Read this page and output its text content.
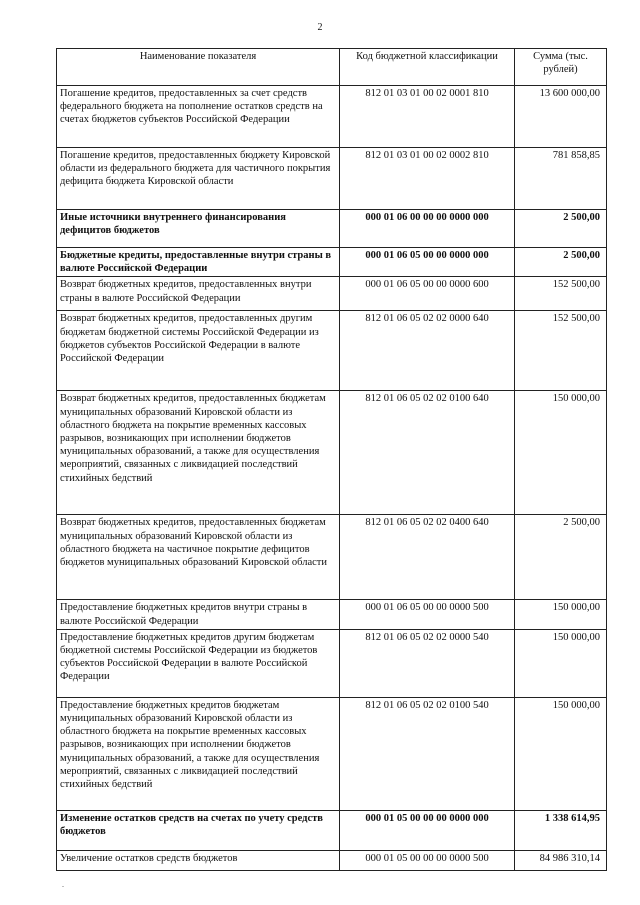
2
Наименование показателя	Код бюджетной классификации	Сумма (тыс. рублей)
Погашение кредитов, предоставленных за счет средств федерального бюджета на пополнение остатков средств на счетах бюджетов субъектов Российской Федерации	812 01 03 01 00 02 0001 810	13 600 000,00
Погашение кредитов, предоставленных бюджету Кировской области из федерального бюджета для частичного покрытия дефицита бюджета Кировской области	812 01 03 01 00 02 0002 810	781 858,85
Иные источники внутреннего финансирования дефицитов бюджетов	000 01 06 00 00 00 0000 000	2 500,00
Бюджетные кредиты, предоставленные внутри страны в валюте Российской Федерации	000 01 06 05 00 00 0000 000	2 500,00
Возврат бюджетных кредитов, предоставленных внутри страны в валюте Российской Федерации	000 01 06 05 00 00 0000 600	152 500,00
Возврат бюджетных кредитов, предоставленных другим бюджетам бюджетной системы Российской Федерации из бюджетов субъектов Российской Федерации в валюте Российской Федерации	812 01 06 05 02 02 0000 640	152 500,00
Возврат бюджетных кредитов, предоставленных бюджетам муниципальных образований Кировской области из областного бюджета на покрытие временных кассовых разрывов, возникающих при исполнении бюджетов муниципальных образований, а также для осуществления мероприятий, связанных с ликвидацией последствий стихийных бедствий	812 01 06 05 02 02 0100 640	150 000,00
Возврат бюджетных кредитов, предоставленных бюджетам муниципальных образований Кировской области из областного бюджета на частичное покрытие дефицитов бюджетов муниципальных образований Кировской области	812 01 06 05 02 02 0400 640	2 500,00
Предоставление бюджетных кредитов внутри страны в валюте Российской Федерации	000 01 06 05 00 00 0000 500	150 000,00
Предоставление бюджетных кредитов другим бюджетам бюджетной системы Российской Федерации из бюджетов субъектов Российской Федерации в валюте Российской Федерации	812 01 06 05 02 02 0000 540	150 000,00
Предоставление бюджетных кредитов бюджетам муниципальных образований Кировской области из областного бюджета на покрытие временных кассовых разрывов, возникающих при исполнении бюджетов муниципальных образований, а также для осуществления мероприятий, связанных с ликвидацией последствий стихийных бедствий	812 01 06 05 02 02 0100 540	150 000,00
Изменение остатков средств на счетах по учету средств бюджетов	000 01 05 00 00 00 0000 000	1 338 614,95
Увеличение остатков средств бюджетов	000 01 05 00 00 00 0000 500	84 986 310,14
.
